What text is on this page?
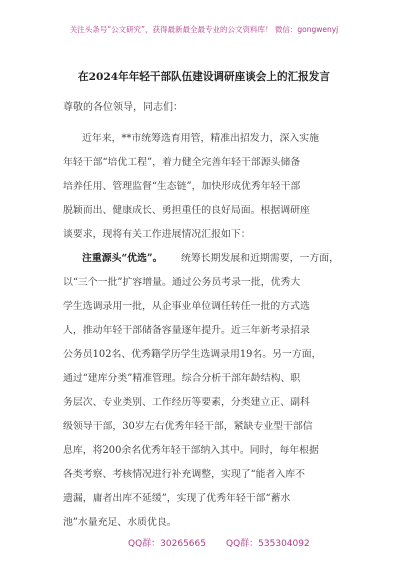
关注头条号“公文研究”，获得最新最全最专业的公文资料库！ 微信：gongwenyj
在2024年年轻干部队伍建设调研座谈会上的汇报发言
尊敬的各位领导，同志们：
近年来，**市统筹选育用管，精准出招发力，深入实施
年轻干部“培优工程”，着力健全完善年轻干部源头储备
培养任用、管理监督“生态链”，加快形成优秀年轻干部
脱颖而出、健康成长、勇担重任的良好局面。根据调研座
谈要求，现将有关工作进展情况汇报如下：
注重源头“优选”。 统筹长期发展和近期需要，一方面，
以“三个一批”扩容增量。通过公务员考录一批，优秀大
学生选调录用一批，从企事业单位调任转任一批的方式选
人，推动年轻干部储备容量逐年提升。近三年新考录招录
公务员102名、优秀籍学历学生选调录用19名。另一方面，
通过“建库分类”精准管理。综合分析干部年龄结构、职
务层次、专业类别、工作经历等要素，分类建立正、副科
级领导干部，30岁左右优秀年轻干部，紧缺专业型干部信
息库，将200余名优秀年轻干部纳入其中。同时，每年根据
各类考察、考核情况进行补充调整，实现了“能者入库不
遗漏，庸者出库不延缓”，实现了优秀年轻干部“蓄水
池”水量充足、水质优良。
QQ群：30265665 QQ群：535304092
